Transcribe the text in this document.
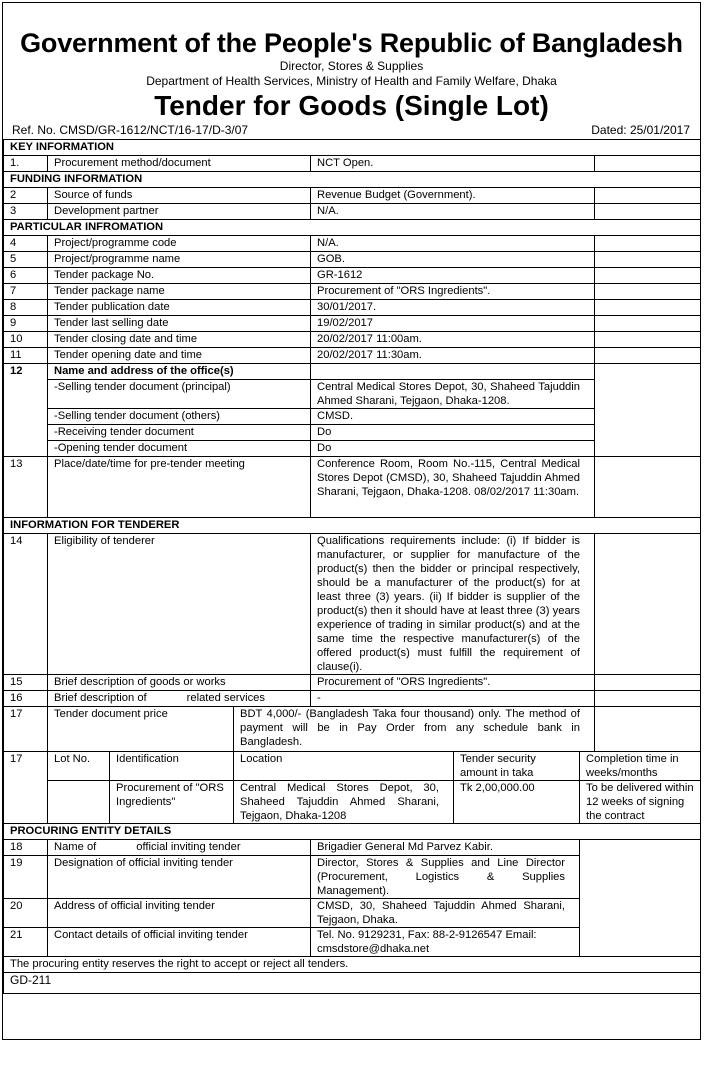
Government of the People's Republic of Bangladesh
Director, Stores & Supplies
Department of Health Services, Ministry of Health and Family Welfare, Dhaka
Tender for Goods (Single Lot)
Ref. No. CMSD/GR-1612/NCT/16-17/D-3/07	Dated: 25/01/2017
KEY INFORMATION							
1.	Procurement method/document			NCT Open.			
FUNDING INFORMATION							
2	Source of funds			Revenue Budget (Government).			
3	Development partner			N/A.			
PARTICULAR INFROMATION							
4	Project/programme code			N/A.			
5	Project/programme name			GOB.			
6	Tender package No.			GR-1612			
7	Tender package name			Procurement of "ORS Ingredients".			
8	Tender publication date			30/01/2017.			
9	Tender last selling date			19/02/2017			
10	Tender closing date and time			20/02/2017 11:00am.			
11	Tender opening date and time			20/02/2017 11:30am.			
12	Name and address of the office(s)						
	-Selling tender document (principal)			Central Medical Stores Depot, 30, Shaheed Tajuddin Ahmed Sharani, Tejgaon, Dhaka-1208.			
	-Selling tender document (others)			CMSD.			
	-Receiving tender document			Do			
	-Opening tender document			Do			
13	Place/date/time for pre-tender meeting			Conference Room, Room No.-115, Central Medical Stores Depot (CMSD), 30, Shaheed Tajuddin Ahmed Sharani, Tejgaon, Dhaka-1208. 08/02/2017 11:30am.			
INFORMATION FOR TENDERER							
14	Eligibility of tenderer			Qualifications requirements include: (i) If bidder is manufacturer, or supplier for manufacture of the product(s) then the bidder or principal respectively, should be a manufacturer of the product(s) for at least three (3) years. (ii) If bidder is supplier of the product(s) then it should have at least three (3) years experience of trading in similar product(s) and at the same time the respective manufacturer(s) of the offered product(s) must fulfill the requirement of clause(i).			
15	Brief description of goods or works			Procurement of "ORS Ingredients".			
16	Brief description of related services			-			
17	Tender document price		BDT 4,000/- (Bangladesh Taka four thousand) only. The method of payment will be in Pay Order from any schedule bank in Bangladesh.				
17	Lot No.	Identification	Location		Tender security amount in taka	Completion time in weeks/months	
		Procurement of "ORS Ingredients"	Central Medical Stores Depot, 30, Shaheed Tajuddin Ahmed Sharani, Tejgaon, Dhaka-1208		Tk 2,00,000.00	To be delivered within 12 weeks of signing the contract	
PROCURING ENTITY DETAILS							
18	Name of official inviting tender			Brigadier General Md Parvez Kabir.			
19	Designation of official inviting tender			Director, Stores & Supplies and Line Director (Procurement, Logistics & Supplies Management).			
20	Address of official inviting tender			CMSD, 30, Shaheed Tajuddin Ahmed Sharani, Tejgaon, Dhaka.			
21	Contact details of official inviting tender			Tel. No. 9129231, Fax: 88-2-9126547 Email: cmsdstore@dhaka.net			
The procuring entity reserves the right to accept or reject all tenders.							
GD-211							
